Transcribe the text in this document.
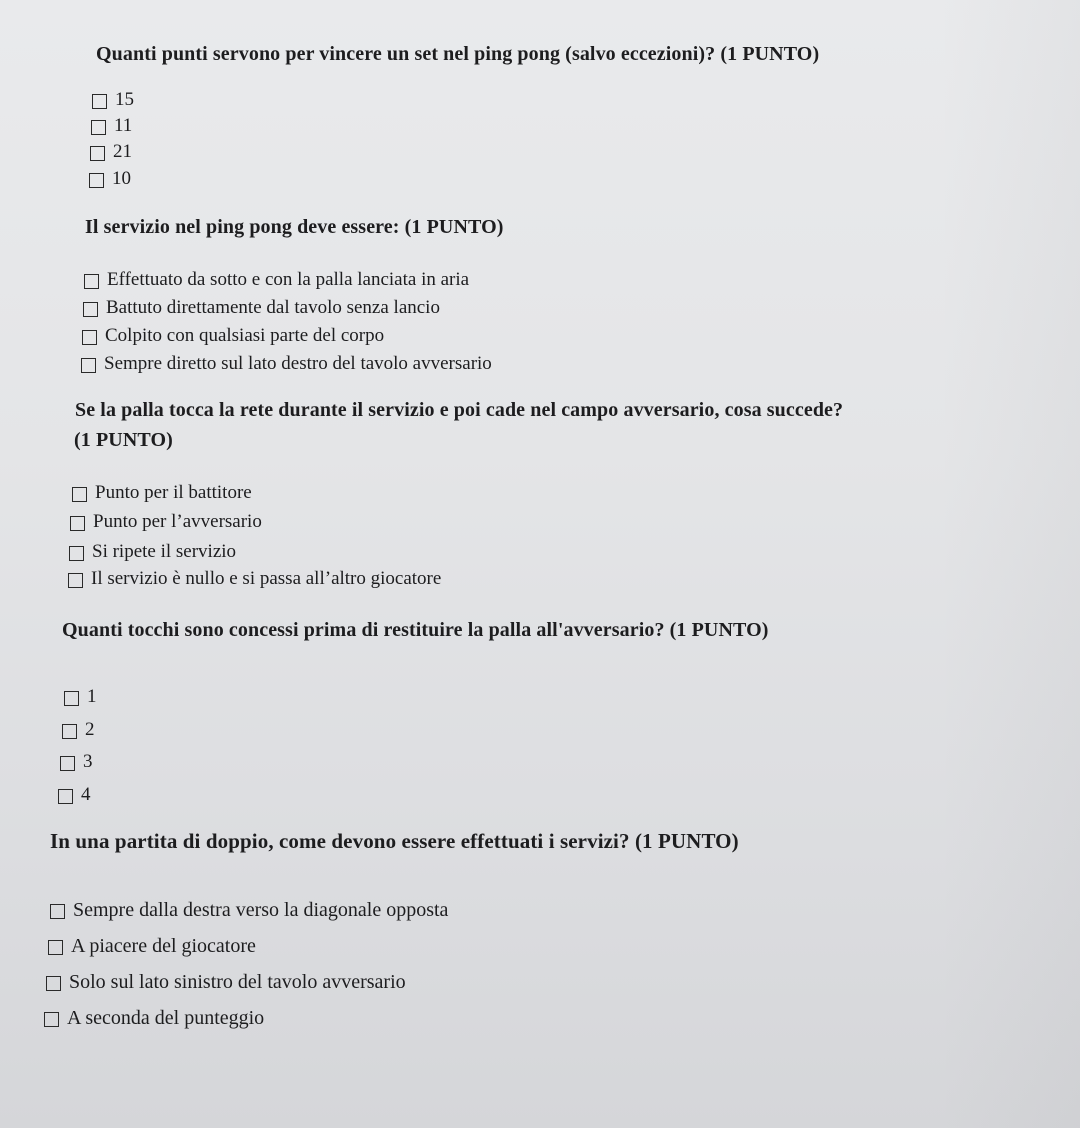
Quanti punti servono per vincere un set nel ping pong (salvo eccezioni)? (1 PUNTO)
15
11
21
10
Il servizio nel ping pong deve essere: (1 PUNTO)
Effettuato da sotto e con la palla lanciata in aria
Battuto direttamente dal tavolo senza lancio
Colpito con qualsiasi parte del corpo
Sempre diretto sul lato destro del tavolo avversario
Se la palla tocca la rete durante il servizio e poi cade nel campo avversario, cosa succede?
(1 PUNTO)
Punto per il battitore
Punto per l’avversario
Si ripete il servizio
Il servizio è nullo e si passa all’altro giocatore
Quanti tocchi sono concessi prima di restituire la palla all'avversario? (1 PUNTO)
1
2
3
4
In una partita di doppio, come devono essere effettuati i servizi? (1 PUNTO)
Sempre dalla destra verso la diagonale opposta
A piacere del giocatore
Solo sul lato sinistro del tavolo avversario
A seconda del punteggio
